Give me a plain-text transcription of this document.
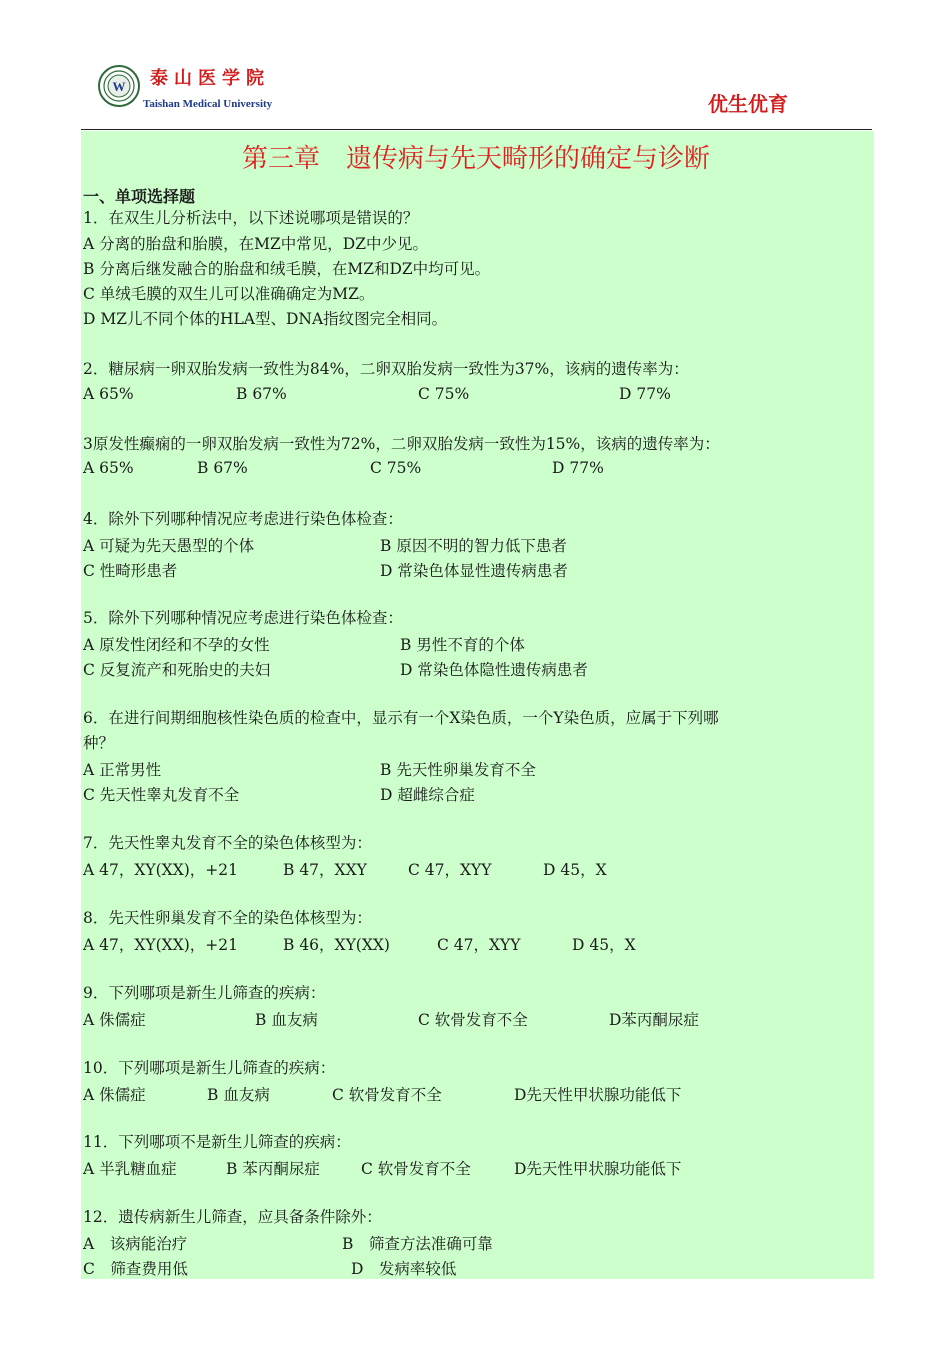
W 泰山医学院
Taishan Medical University	优生优育
第三章　遗传病与先天畸形的确定与诊断
一、单项选择题
1．在双生儿分析法中，以下述说哪项是错误的？
A 分离的胎盘和胎膜，在MZ中常见，DZ中少见。
B 分离后继发融合的胎盘和绒毛膜，在MZ和DZ中均可见。
C 单绒毛膜的双生儿可以准确确定为MZ。
D MZ儿不同个体的HLA型、DNA指纹图完全相同。
2．糖尿病一卵双胎发病一致性为84%，二卵双胎发病一致性为37%，该病的遗传率为：
A 65%	B 67%	C 75%	D 77%
3原发性癫痫的一卵双胎发病一致性为72%，二卵双胎发病一致性为15%，该病的遗传率为：
A 65%	B 67%	C 75%	D 77%
4．除外下列哪种情况应考虑进行染色体检查：
A 可疑为先天愚型的个体	B 原因不明的智力低下患者
C 性畸形患者	D 常染色体显性遗传病患者
5．除外下列哪种情况应考虑进行染色体检查：
A 原发性闭经和不孕的女性	B 男性不育的个体
C 反复流产和死胎史的夫妇	D 常染色体隐性遗传病患者
6．在进行间期细胞核性染色质的检查中，显示有一个X染色质，一个Y染色质，应属于下列哪
种？
A 正常男性	B 先天性卵巢发育不全
C 先天性睾丸发育不全	D 超雌综合症
7．先天性睾丸发育不全的染色体核型为：
A 47，XY(XX)，+21	B 47，XXY	C 47，XYY	D 45，X
8．先天性卵巢发育不全的染色体核型为：
A 47，XY(XX)，+21	B 46，XY(XX)	C 47，XYY	D 45，X
9．下列哪项是新生儿筛查的疾病：
A 侏儒症	B 血友病	C 软骨发育不全	D苯丙酮尿症
10．下列哪项是新生儿筛查的疾病：
A 侏儒症	B 血友病	C 软骨发育不全	D先天性甲状腺功能低下
11．下列哪项不是新生儿筛查的疾病：
A 半乳糖血症	B 苯丙酮尿症	C 软骨发育不全	D先天性甲状腺功能低下
12．遗传病新生儿筛查，应具备条件除外：
A　该病能治疗	B　筛查方法准确可靠
C　筛查费用低	D　发病率较低
